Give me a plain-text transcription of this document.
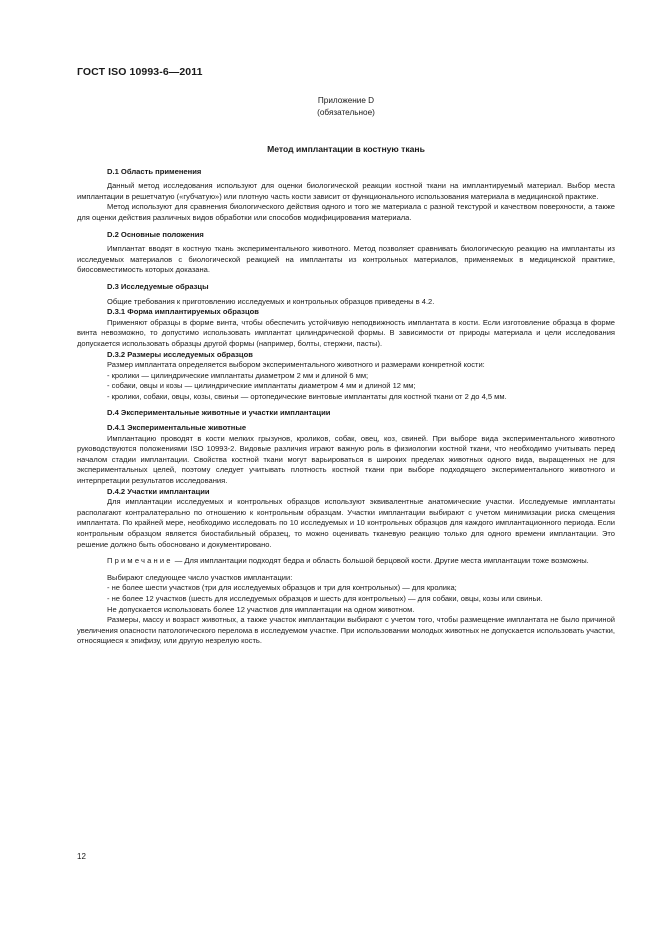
ГОСТ ISO 10993-6—2011
Приложение D
(обязательное)
Метод имплантации в костную ткань
D.1 Область применения

Данный метод исследования используют для оценки биологической реакции костной ткани на имплантируемый материал. Выбор места имплантации в решетчатую («губчатую») или плотную часть кости зависит от функционального использования материала в медицинской практике.

Метод используют для сравнения биологического действия одного и того же материала с разной текстурой и качеством поверхности, а также для оценки действия различных видов обработки или способов модифицирования материала.

D.2 Основные положения

Имплантат вводят в костную ткань экспериментального животного. Метод позволяет сравнивать биологическую реакцию на имплантаты из исследуемых материалов с биологической реакцией на имплантаты из контрольных материалов, применяемых в медицинской практике, биосовместимость которых доказана.

D.3 Исследуемые образцы

Общие требования к приготовлению исследуемых и контрольных образцов приведены в 4.2.

D.3.1 Форма имплантируемых образцов

Применяют образцы в форме винта, чтобы обеспечить устойчивую неподвижность имплантата в кости. Если изготовление образца в форме винта невозможно, то допустимо использовать имплантат цилиндрической формы. В зависимости от природы материала и цели исследования допускается использовать образцы другой формы (например, болты, стержни, пасты).

D.3.2 Размеры исследуемых образцов

Размер имплантата определяется выбором экспериментального животного и размерами конкретной кости:

- кролики — цилиндрические имплантаты диаметром 2 мм и длиной 6 мм;

- собаки, овцы и козы — цилиндрические имплантаты диаметром 4 мм и длиной 12 мм;

- кролики, собаки, овцы, козы, свиньи — ортопедические винтовые имплантаты для костной ткани от 2 до 4,5 мм.

D.4 Экспериментальные животные и участки имплантации
D.4.1 Экспериментальные животные

Имплантацию проводят в кости мелких грызунов, кроликов, собак, овец, коз, свиней. При выборе вида экспериментального животного руководствуются положениями ISO 10993-2. Видовые различия играют важную роль в физиологии костной ткани, что необходимо учитывать перед началом стадии имплантации. Свойства костной ткани могут варьироваться в широких пределах животных одного вида, выращенных не для экспериментальных целей, поэтому следует учитывать плотность костной ткани при выборе подходящего экспериментального животного и интерпретации результатов исследования.

D.4.2 Участки имплантации

Для имплантации исследуемых и контрольных образцов используют эквивалентные анатомические участки. Исследуемые имплантаты располагают контралатерально по отношению к контрольным образцам. Участки имплантации выбирают с учетом минимизации риска смещения имплантата. По крайней мере, необходимо исследовать по 10 исследуемых и 10 контрольных образцов для каждого имплантационного периода. Если контрольным образцом является биостабильный образец, то можно оценивать тканевую реакцию только для одного времени имплантации. Это решение должно быть обосновано и документировано.

Примечание — Для имплантации подходят бедра и область большой берцовой кости. Другие места имплантации тоже возможны.

Выбирают следующее число участков имплантации:

- не более шести участков (три для исследуемых образцов и три для контрольных) — для кролика;

- не более 12 участков (шесть для исследуемых образцов и шесть для контрольных) — для собаки, овцы, козы или свиньи.

Не допускается использовать более 12 участков для имплантации на одном животном.

Размеры, массу и возраст животных, а также участок имплантации выбирают с учетом того, чтобы размещение имплантата не было причиной увеличения опасности патологического перелома в исследуемом участке. При использовании молодых животных не допускается использовать участки, относящиеся к эпифизу, или другую незрелую кость.

12
